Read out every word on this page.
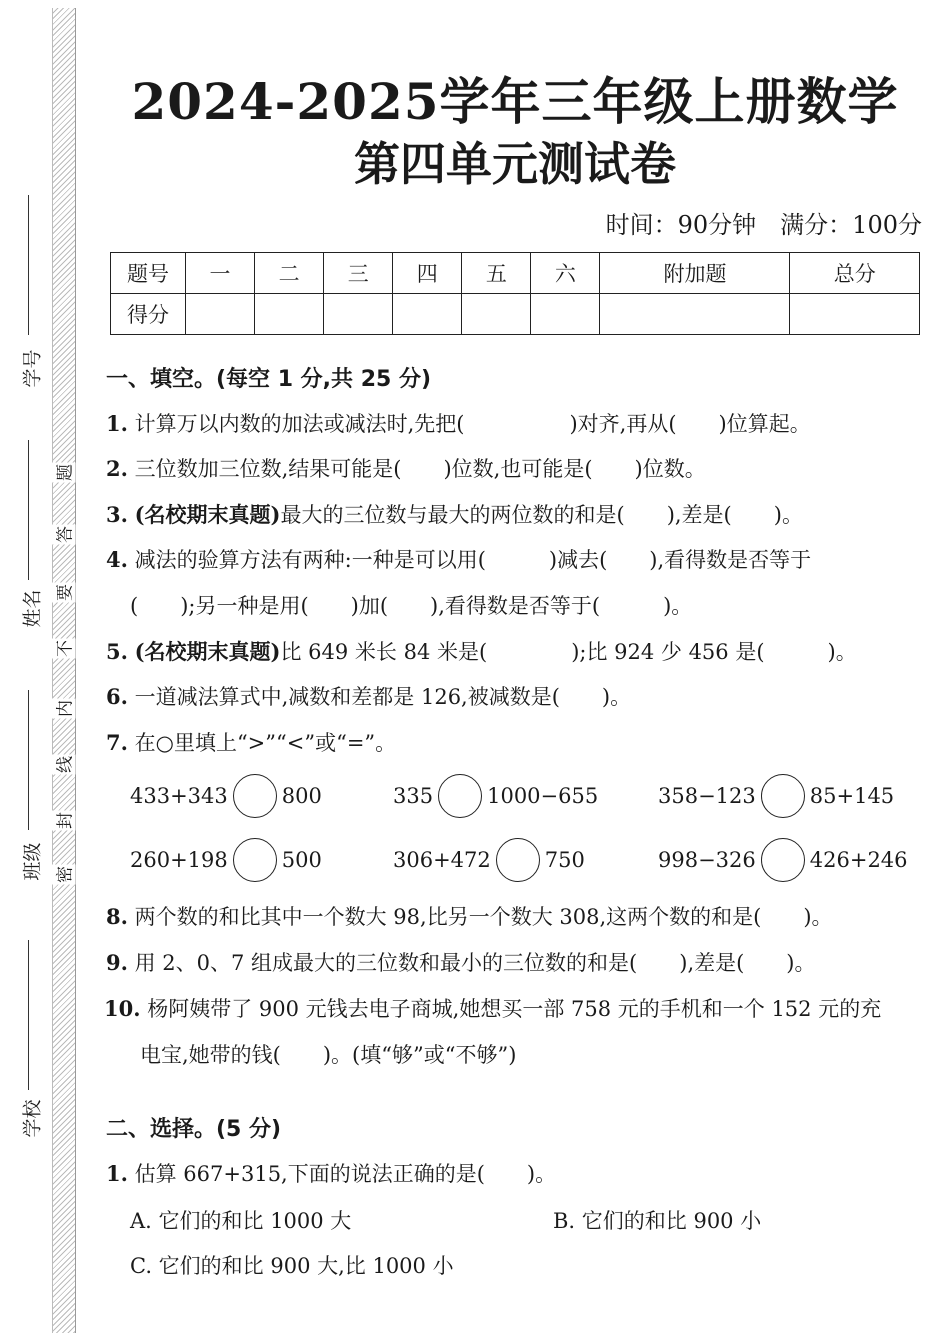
学号
姓名
班级
学校
题
答
要
不
内
线
封
密
2024-2025学年三年级上册数学
第四单元测试卷
时间：90分钟　满分：100分
题号	一	二	三	四	五	六	附加题	总分
得分								
一、填空。(每空 1 分,共 25 分)
1. 计算万以内数的加法或减法时,先把(　　　　　)对齐,再从(　　)位算起。
2. 三位数加三位数,结果可能是(　　)位数,也可能是(　　)位数。
3. (名校期末真题)最大的三位数与最大的两位数的和是(　　),差是(　　)。
4. 减法的验算方法有两种:一种是可以用(　　　)减去(　　),看得数是否等于
(　　);另一种是用(　　)加(　　),看得数是否等于(　　　)。
5. (名校期末真题)比 649 米长 84 米是(　　　　);比 924 少 456 是(　　　)。
6. 一道减法算式中,减数和差都是 126,被减数是(　　)。
7. 在○里填上“>”“<”或“=”。
433+343	800	335	1000−655	358−123	85+145
260+198	500	306+472	750	998−326	426+246
8. 两个数的和比其中一个数大 98,比另一个数大 308,这两个数的和是(　　)。
9. 用 2、0、7 组成最大的三位数和最小的三位数的和是(　　),差是(　　)。
10. 杨阿姨带了 900 元钱去电子商城,她想买一部 758 元的手机和一个 152 元的充
电宝,她带的钱(　　)。(填“够”或“不够”)
二、选择。(5 分)
1. 估算 667+315,下面的说法正确的是(　　)。
A. 它们的和比 1000 大	B. 它们的和比 900 小
C. 它们的和比 900 大,比 1000 小
